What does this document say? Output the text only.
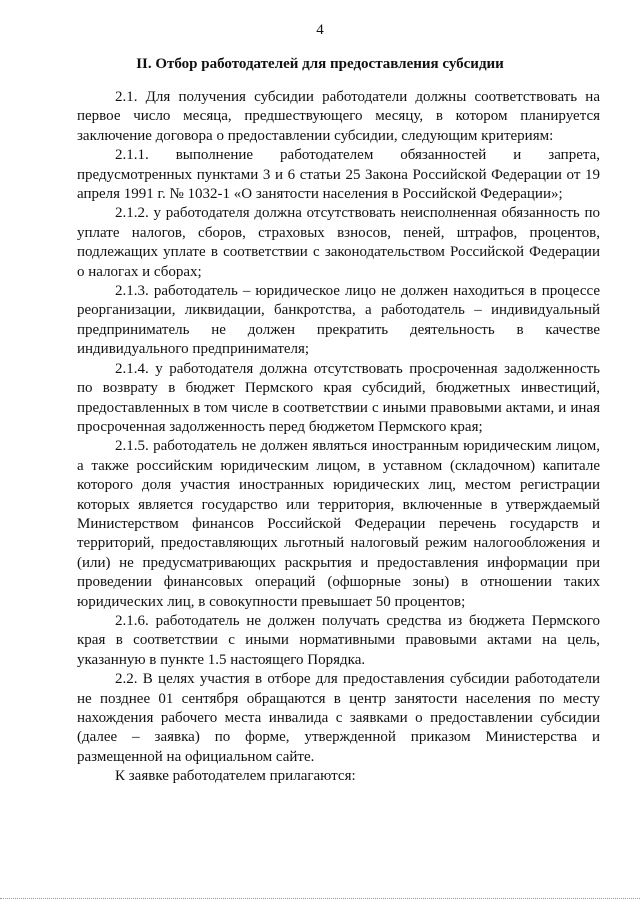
4
II. Отбор работодателей для предоставления субсидии

2.1. Для получения субсидии работодатели должны соответствовать на первое число месяца, предшествующего месяцу, в котором планируется заключение договора о предоставлении субсидии, следующим критериям:

2.1.1. выполнение работодателем обязанностей и запрета, предусмотренных пунктами 3 и 6 статьи 25 Закона Российской Федерации от 19 апреля 1991 г. № 1032-1 «О занятости населения в Российской Федерации»;

2.1.2. у работодателя должна отсутствовать неисполненная обязанность по уплате налогов, сборов, страховых взносов, пеней, штрафов, процентов, подлежащих уплате в соответствии с законодательством Российской Федерации о налогах и сборах;

2.1.3. работодатель – юридическое лицо не должен находиться в процессе реорганизации, ликвидации, банкротства, а работодатель – индивидуальный предприниматель не должен прекратить деятельность в качестве индивидуального предпринимателя;

2.1.4. у работодателя должна отсутствовать просроченная задолженность по возврату в бюджет Пермского края субсидий, бюджетных инвестиций, предоставленных в том числе в соответствии с иными правовыми актами, и иная просроченная задолженность перед бюджетом Пермского края;

2.1.5. работодатель не должен являться иностранным юридическим лицом, а также российским юридическим лицом, в уставном (складочном) капитале которого доля участия иностранных юридических лиц, местом регистрации которых является государство или территория, включенные в утверждаемый Министерством финансов Российской Федерации перечень государств и территорий, предоставляющих льготный налоговый режим налогообложения и (или) не предусматривающих раскрытия и предоставления информации при проведении финансовых операций (офшорные зоны) в отношении таких юридических лиц, в совокупности превышает 50 процентов;

2.1.6. работодатель не должен получать средства из бюджета Пермского края в соответствии с иными нормативными правовыми актами на цель, указанную в пункте 1.5 настоящего Порядка.

2.2. В целях участия в отборе для предоставления субсидии работодатели не позднее 01 сентября обращаются в центр занятости населения по месту нахождения рабочего места инвалида с заявками о предоставлении субсидии (далее – заявка) по форме, утвержденной приказом Министерства и размещенной на официальном сайте.

К заявке работодателем прилагаются:
